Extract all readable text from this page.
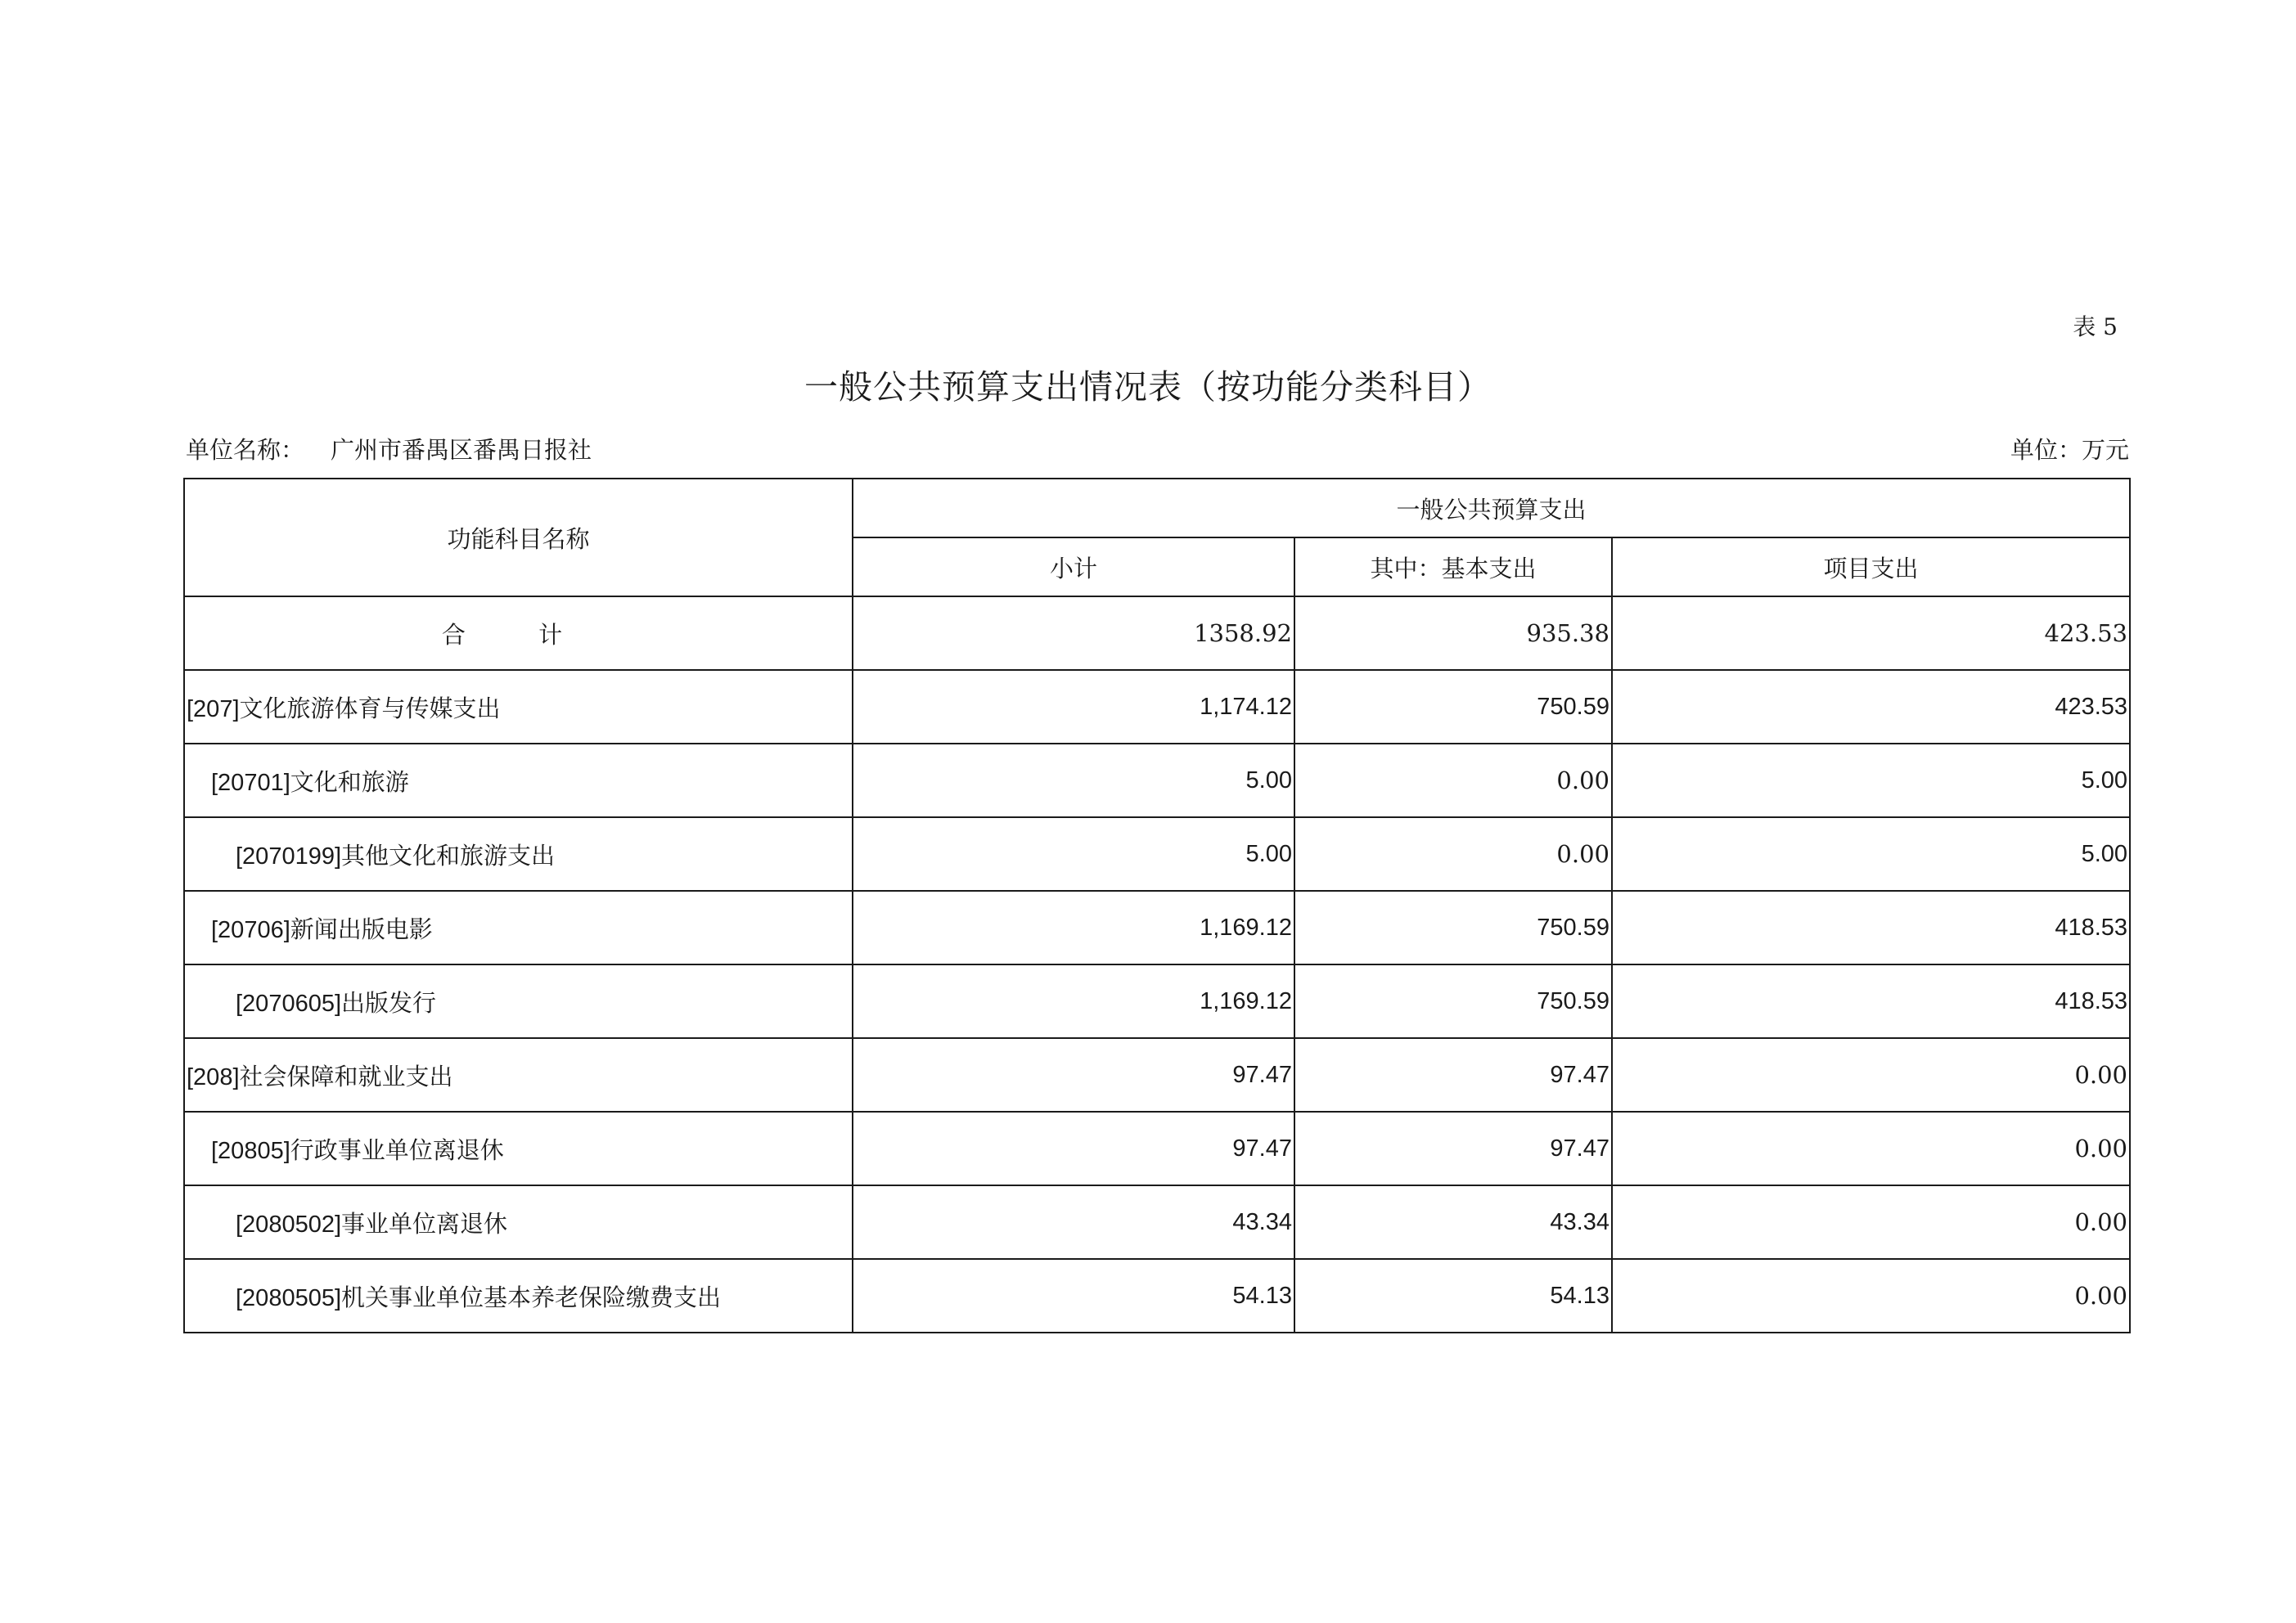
表 5
一般公共预算支出情况表（按功能分类科目）
单位名称： 广州市番禺区番禺日报社	单位：万元
功能科目名称	一般公共预算支出		
	小计	其中：基本支出	项目支出
合 计	1358.92	935.38	423.53
[207]文化旅游体育与传媒支出	1,174.12	750.59	423.53
[20701]文化和旅游	5.00	0.00	5.00
[2070199]其他文化和旅游支出	5.00	0.00	5.00
[20706]新闻出版电影	1,169.12	750.59	418.53
[2070605]出版发行	1,169.12	750.59	418.53
[208]社会保障和就业支出	97.47	97.47	0.00
[20805]行政事业单位离退休	97.47	97.47	0.00
[2080502]事业单位离退休	43.34	43.34	0.00
[2080505]机关事业单位基本养老保险缴费支出	54.13	54.13	0.00
